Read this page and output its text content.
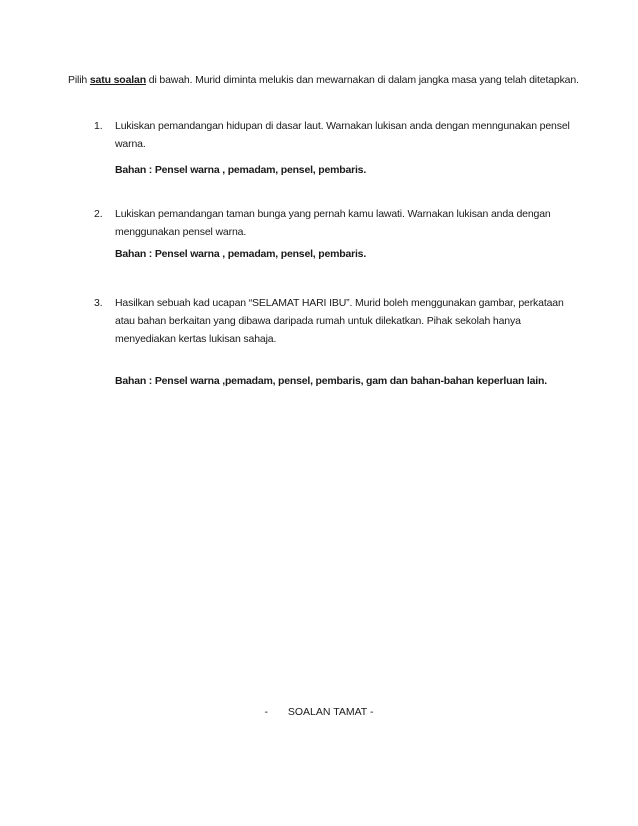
Pilih satu soalan di bawah. Murid diminta melukis dan mewarnakan di dalam jangka masa yang telah ditetapkan.
1.	Lukiskan pemandangan hidupan di dasar laut. Warnakan lukisan anda dengan menngunakan pensel warna.
Bahan : Pensel warna , pemadam, pensel, pembaris.
2.	Lukiskan pemandangan taman bunga yang pernah kamu lawati. Warnakan lukisan anda dengan menggunakan pensel warna.
Bahan : Pensel warna , pemadam, pensel, pembaris.
3.	Hasilkan sebuah kad ucapan “SELAMAT HARI IBU”. Murid boleh menggunakan gambar, perkataan atau bahan berkaitan yang dibawa daripada rumah untuk dilekatkan. Pihak sekolah hanya menyediakan kertas lukisan sahaja.
Bahan : Pensel warna ,pemadam, pensel, pembaris, gam dan bahan-bahan keperluan lain.
- SOALAN TAMAT -
